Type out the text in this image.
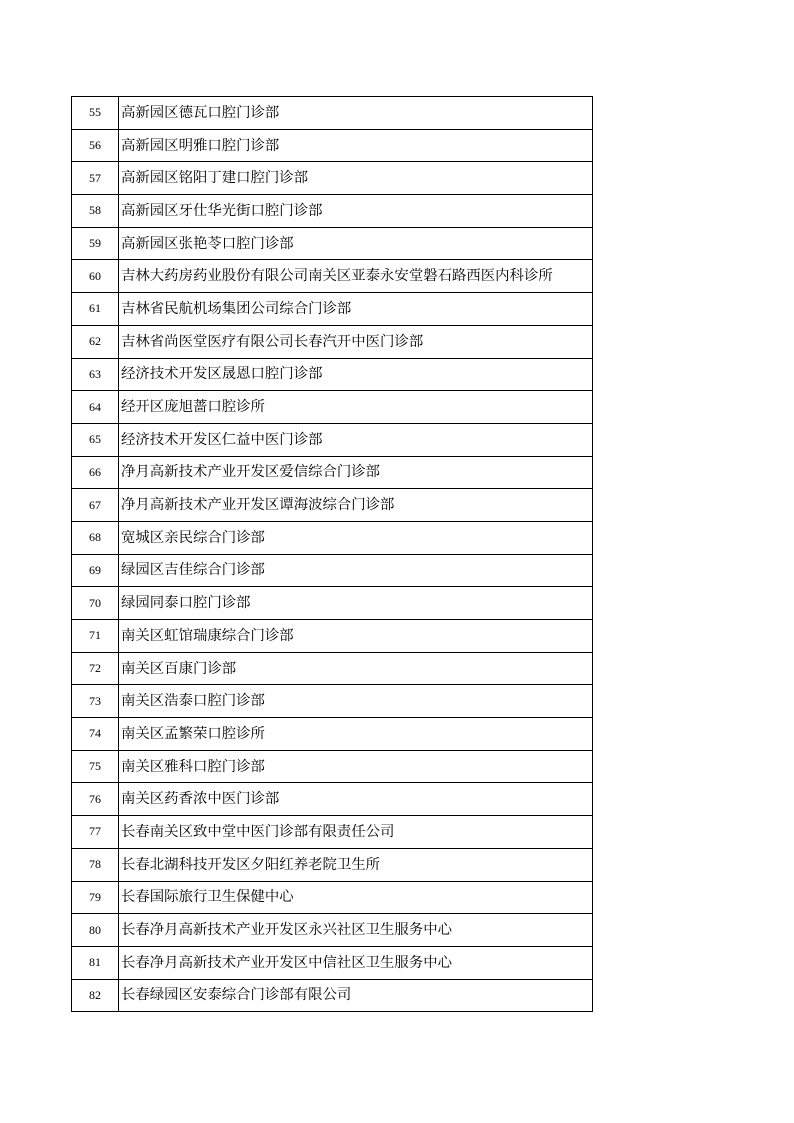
55	高新园区德瓦口腔门诊部
56	高新园区明雅口腔门诊部
57	高新园区铭阳丁建口腔门诊部
58	高新园区牙仕华光街口腔门诊部
59	高新园区张艳苓口腔门诊部
60	吉林大药房药业股份有限公司南关区亚泰永安堂磐石路西医内科诊所
61	吉林省民航机场集团公司综合门诊部
62	吉林省尚医堂医疗有限公司长春汽开中医门诊部
63	经济技术开发区晟恩口腔门诊部
64	经开区庞旭蔷口腔诊所
65	经济技术开发区仁益中医门诊部
66	净月高新技术产业开发区爱信综合门诊部
67	净月高新技术产业开发区谭海波综合门诊部
68	宽城区亲民综合门诊部
69	绿园区吉佳综合门诊部
70	绿园同泰口腔门诊部
71	南关区虹馆瑞康综合门诊部
72	南关区百康门诊部
73	南关区浩泰口腔门诊部
74	南关区孟繁荣口腔诊所
75	南关区雅科口腔门诊部
76	南关区药香浓中医门诊部
77	长春南关区致中堂中医门诊部有限责任公司
78	长春北湖科技开发区夕阳红养老院卫生所
79	长春国际旅行卫生保健中心
80	长春净月高新技术产业开发区永兴社区卫生服务中心
81	长春净月高新技术产业开发区中信社区卫生服务中心
82	长春绿园区安泰综合门诊部有限公司
